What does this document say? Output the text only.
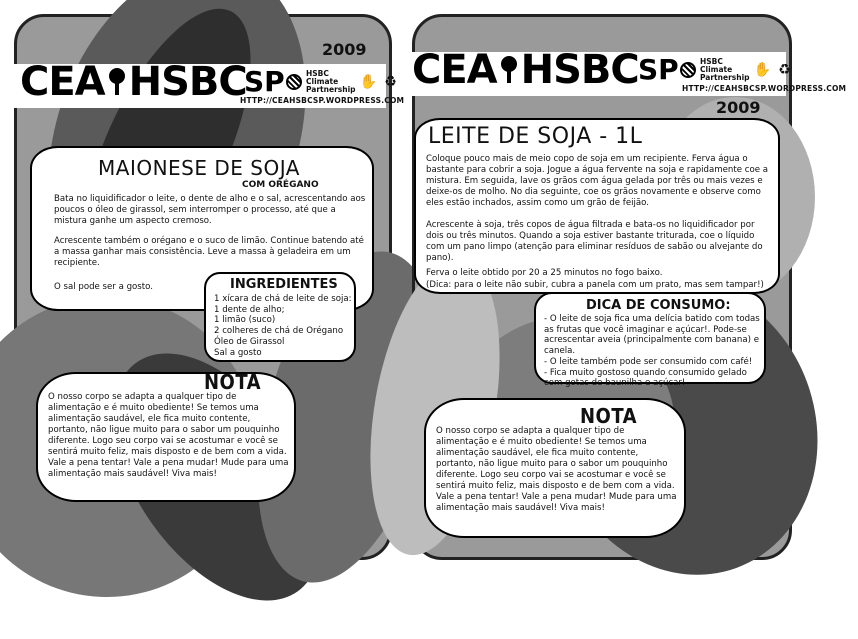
2009
CEA HSBC
SP	HSBC
Climate
Partnership ✋ ♻
HTTP://CEAHSBCSP.WORDPRESS.COM
MAIONESE DE SOJA
COM ORÉGANO

Bata no liquidificador o leite, o dente de alho e o sal, acrescentando aos poucos o óleo de girassol, sem interromper o processo, até que a mistura ganhe um aspecto cremoso.

Acrescente também o orégano e o suco de limão. Continue batendo até a massa ganhar mais consistência. Leve a massa à geladeira em um recipiente.

O sal pode ser a gosto.	INGREDIENTES
1 xícara de chá de leite de soja:
1 dente de alho;
1 limão (suco)
2 colheres de chá de Orégano
Óleo de Girassol
Sal a gosto
NOTA

O nosso corpo se adapta a qualquer tipo de alimentação e é muito obediente! Se temos uma alimentação saudável, ele fica muito contente, portanto, não ligue muito para o sabor um pouquinho diferente. Logo seu corpo vai se acostumar e você se sentirá muito feliz, mais disposto e de bem com a vida. Vale a pena tentar! Vale a pena mudar! Mude para uma alimentação mais saudável! Viva mais!

CEA HSBC SP	HSBC
Climate
Partnership ✋ ♻
HTTP://CEAHSBCSP.WORDPRESS.COM
2009
LEITE DE SOJA - 1L

Coloque pouco mais de meio copo de soja em um recipiente. Ferva água o bastante para cobrir a soja. Jogue a água fervente na soja e rapidamente coe a mistura. Em seguida, lave os grãos com água gelada por três ou mais vezes e deixe-os de molho. No dia seguinte, coe os grãos novamente e observe como eles estão inchados, assim como um grão de feijão.

Acrescente à soja, três copos de água filtrada e bata-os no liquidificador por dois ou três minutos. Quando a soja estiver bastante triturada, coe o líquido com um pano limpo (atenção para eliminar resíduos de sabão ou alvejante do pano).

Ferva o leite obtido por 20 a 25 minutos no fogo baixo.

(Dica: para o leite não subir, cubra a panela com um prato, mas sem tampar!)

DICA DE CONSUMO:
- O leite de soja fica uma delícia batido com todas as frutas que você imaginar e açúcar!. Pode-se acrescentar aveia (principalmente com banana) e canela.
- O leite também pode ser consumido com café!
- Fica muito gostoso quando consumido gelado com gotas de baunilha e açúcar!
NOTA

O nosso corpo se adapta a qualquer tipo de alimentação e é muito obediente! Se temos uma alimentação saudável, ele fica muito contente, portanto, não ligue muito para o sabor um pouquinho diferente. Logo seu corpo vai se acostumar e você se sentirá muito feliz, mais disposto e de bem com a vida. Vale a pena tentar! Vale a pena mudar! Mude para uma alimentação mais saudável! Viva mais!
